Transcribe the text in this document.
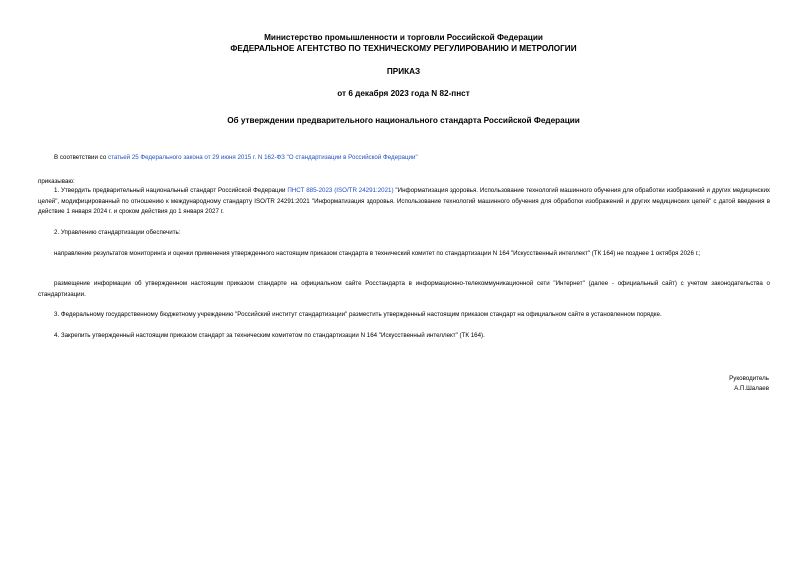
Министерство промышленности и торговли Российской Федерации
ФЕДЕРАЛЬНОЕ АГЕНТСТВО ПО ТЕХНИЧЕСКОМУ РЕГУЛИРОВАНИЮ И МЕТРОЛОГИИ
ПРИКАЗ
от 6 декабря 2023 года N 82-пнст
Об утверждении предварительного национального стандарта Российской Федерации
В соответствии со статьей 25 Федерального закона от 29 июня 2015 г. N 162-ФЗ "О стандартизации в Российской Федерации"
приказываю:
1. Утвердить предварительный национальный стандарт Российской Федерации ПНСТ 885-2023 (ISO/TR 24291:2021) "Информатизация здоровья. Использование технологий машинного обучения для обработки изображений и других медицинских целей", модифицированный по отношению к международному стандарту ISO/TR 24291:2021 "Информатизация здоровья. Использование технологий машинного обучения для обработки изображений и других медицинских целей" с датой введения в действие 1 января 2024 г. и сроком действия до 1 января 2027 г.
2. Управлению стандартизации обеспечить:
направление результатов мониторинга и оценки применения утвержденного настоящим приказом стандарта в технический комитет по стандартизации N 164 "Искусственный интеллект" (ТК 164) не позднее 1 октября 2026 г.;
размещение информации об утвержденном настоящим приказом стандарте на официальном сайте Росстандарта в информационно-телекоммуникационной сети "Интернет" (далее - официальный сайт) с учетом законодательства о стандартизации.
3. Федеральному государственному бюджетному учреждению "Российский институт стандартизации" разместить утвержденный настоящим приказом стандарт на официальном сайте в установленном порядке.
4. Закрепить утвержденный настоящим приказом стандарт за техническим комитетом по стандартизации N 164 "Искусственный интеллект" (ТК 164).
Руководитель
А.П.Шалаев
